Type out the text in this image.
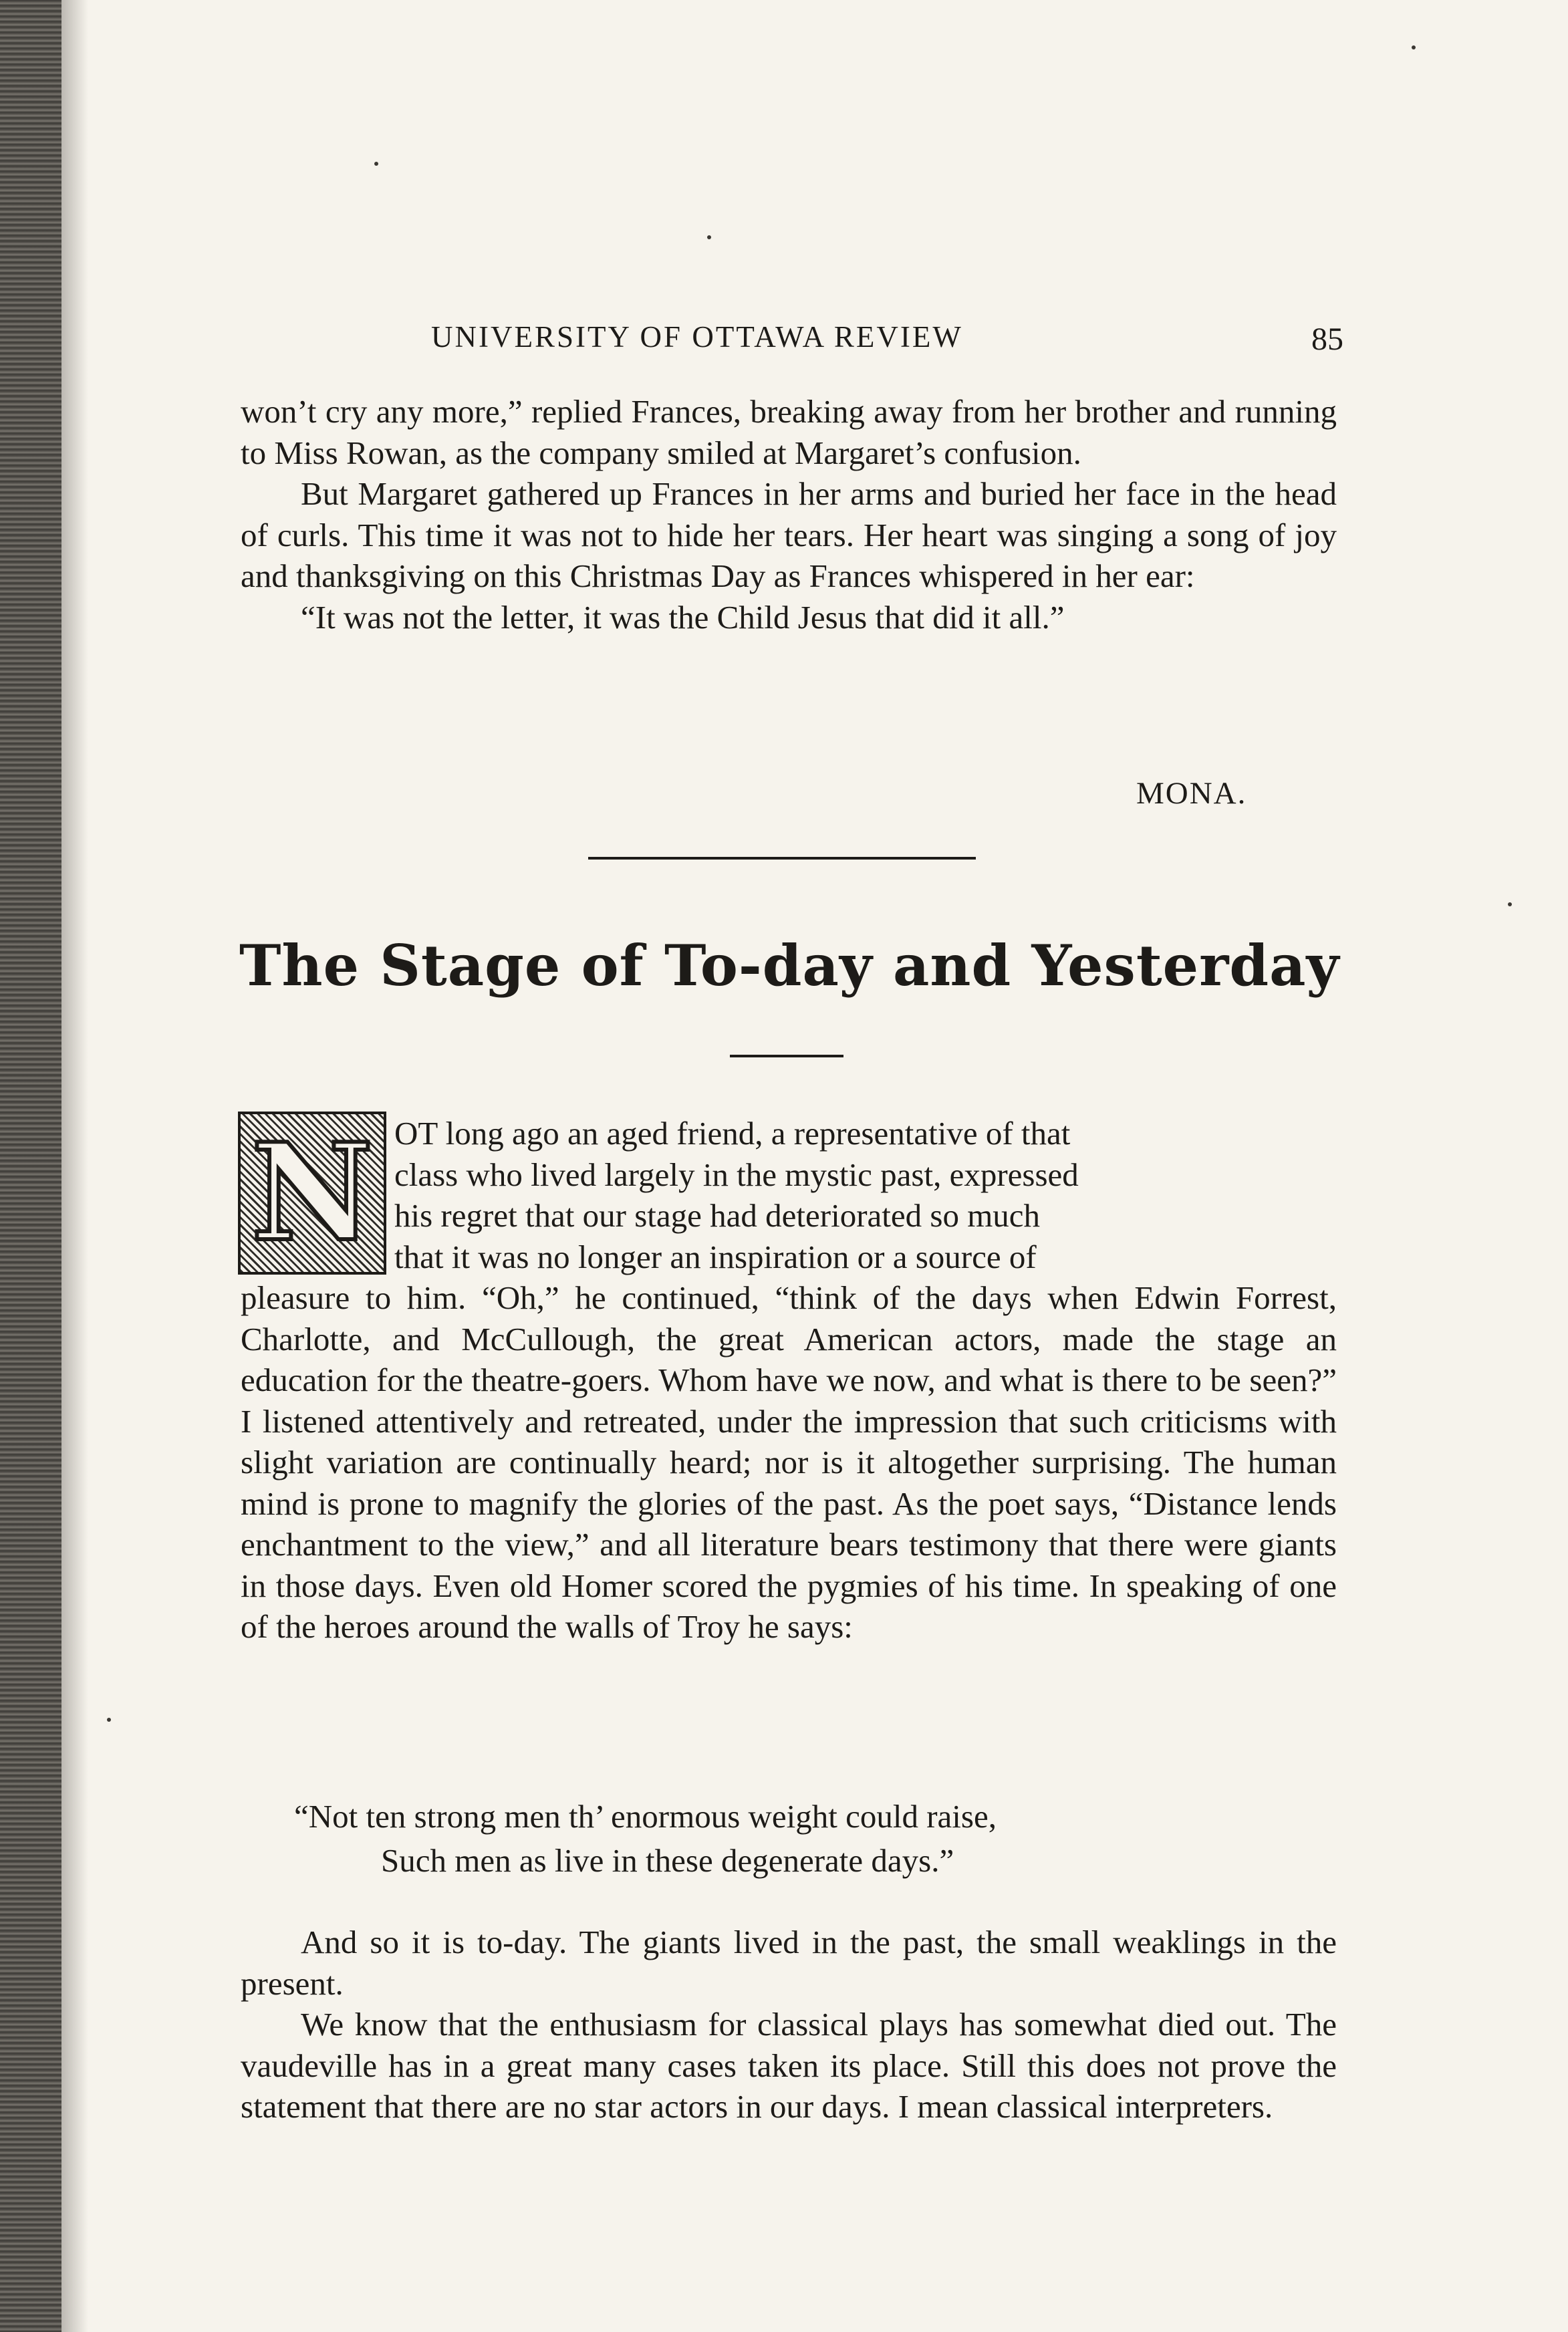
UNIVERSITY OF OTTAWA REVIEW	85

won’t cry any more,” replied Frances, breaking away from her brother and running to Miss Rowan, as the company smiled at Margaret’s confusion.

But Margaret gathered up Frances in her arms and buried her face in the head of curls. This time it was not to hide her tears. Her heart was singing a song of joy and thanksgiving on this Christmas Day as Frances whispered in her ear:

“It was not the letter, it was the Child Jesus that did it all.”

MONA.
The Stage of To-day and Yesterday
N OT long ago an aged friend, a representative of that

class who lived largely in the mystic past, expressed

his regret that our stage had deteriorated so much

that it was no longer an inspiration or a source of

pleasure to him. “Oh,” he continued, “think of the days when Edwin Forrest, Charlotte, and McCullough, the great American actors, made the stage an education for the theatre-goers. Whom have we now, and what is there to be seen?” I listened attentively and retreated, under the impression that such criticisms with slight variation are continually heard; nor is it altogether surprising. The human mind is prone to magnify the glories of the past. As the poet says, “Distance lends enchantment to the view,” and all literature bears testimony that there were giants in those days. Even old Homer scored the pygmies of his time. In speaking of one of the heroes around the walls of Troy he says:

“Not ten strong men th’ enormous weight could raise,

Such men as live in these degenerate days.”

And so it is to-day. The giants lived in the past, the small weaklings in the present.

We know that the enthusiasm for classical plays has somewhat died out. The vaudeville has in a great many cases taken its place. Still this does not prove the statement that there are no star actors in our days. I mean classical interpreters.
